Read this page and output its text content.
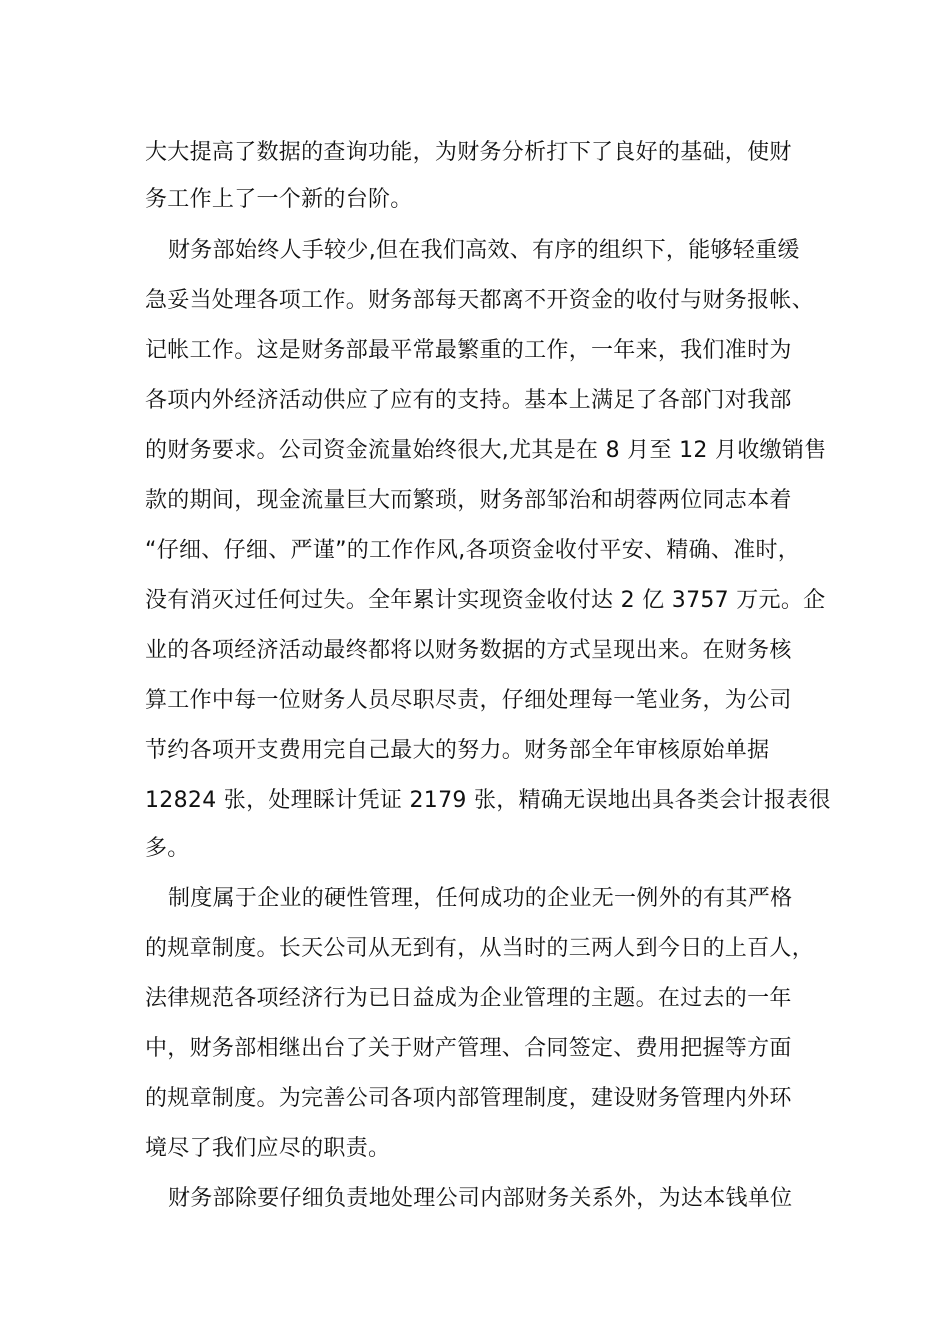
大大提高了数据的查询功能，为财务分析打下了良好的基础，使财
务工作上了一个新的台阶。
财务部始终人手较少,但在我们高效、有序的组织下，能够轻重缓
急妥当处理各项工作。财务部每天都离不开资金的收付与财务报帐、
记帐工作。这是财务部最平常最繁重的工作，一年来，我们准时为
各项内外经济活动供应了应有的支持。基本上满足了各部门对我部
的财务要求。公司资金流量始终很大,尤其是在 8 月至 12 月收缴销售
款的期间，现金流量巨大而繁琐，财务部邹治和胡蓉两位同志本着
“仔细、仔细、严谨”的工作作风,各项资金收付平安、精确、准时，
没有消灭过任何过失。全年累计实现资金收付达 2 亿 3757 万元。企
业的各项经济活动最终都将以财务数据的方式呈现出来。在财务核
算工作中每一位财务人员尽职尽责，仔细处理每一笔业务，为公司
节约各项开支费用完自己最大的努力。财务部全年审核原始单据
12824 张，处理睬计凭证 2179 张，精确无误地出具各类会计报表很
多。
制度属于企业的硬性管理，任何成功的企业无一例外的有其严格
的规章制度。长天公司从无到有，从当时的三两人到今日的上百人，
法律规范各项经济行为已日益成为企业管理的主题。在过去的一年
中，财务部相继出台了关于财产管理、合同签定、费用把握等方面
的规章制度。为完善公司各项内部管理制度，建设财务管理内外环
境尽了我们应尽的职责。
财务部除要仔细负责地处理公司内部财务关系外，为达本钱单位
